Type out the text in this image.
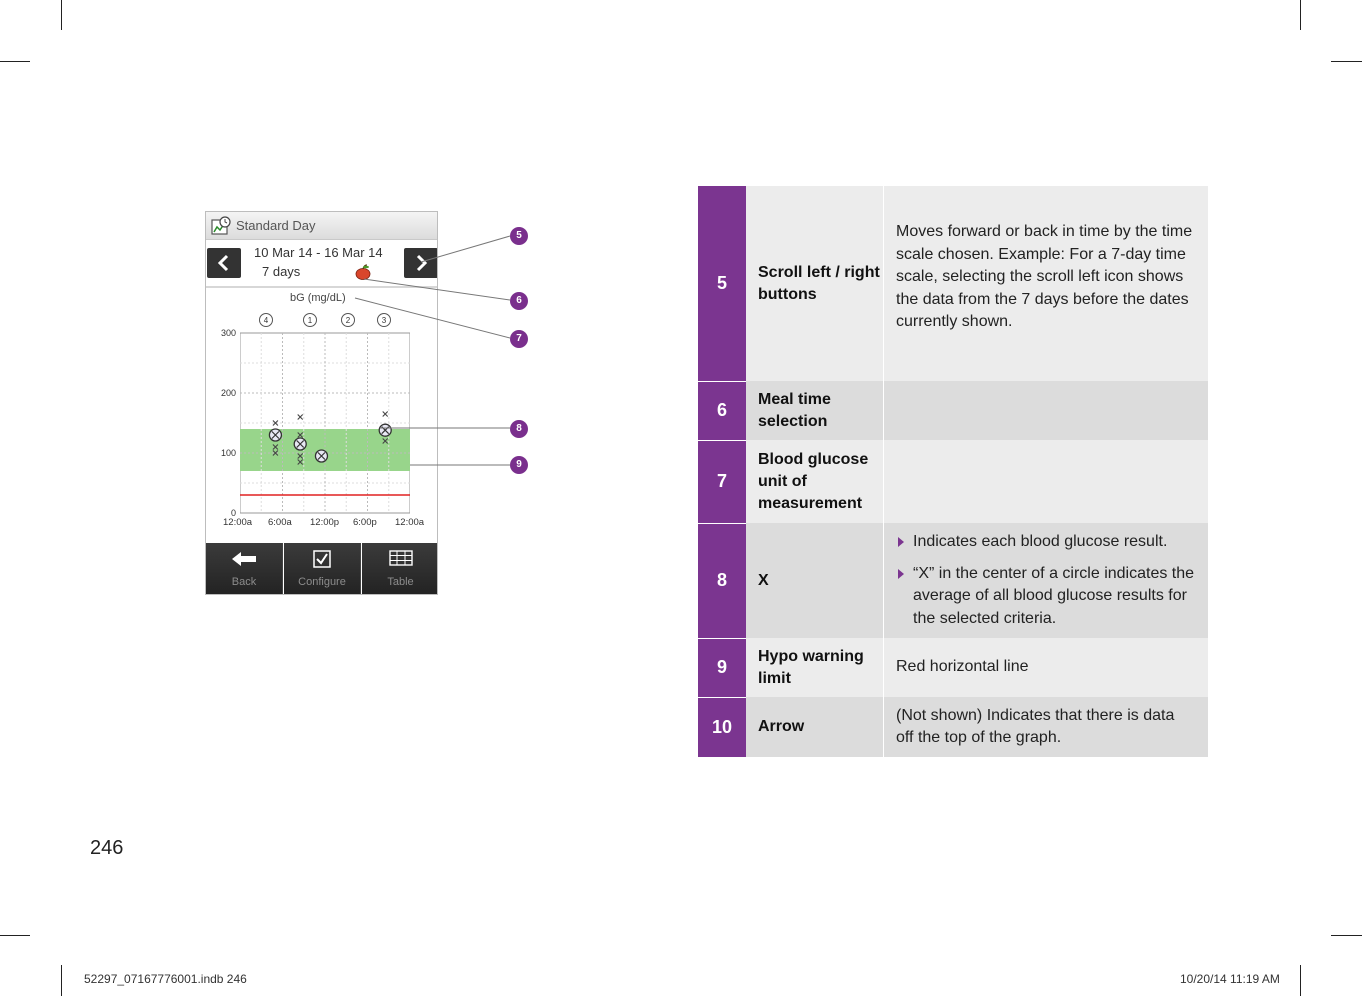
Standard Day
10 Mar 14 - 16 Mar 14
7 days
bG (mg/dL)
4	1	2	3
300
200
100
0
12:00a 6:00a 12:00p 6:00p 12:00a
Back	Configure	Table
5
6
7
8
9
5	Scroll left / right buttons	Moves forward or back in time by the time scale chosen. Example: For a 7-day time scale, selecting the scroll left icon shows the data from the 7 days before the dates currently shown.

6	Meal time selection	
7	Blood glucose unit of measurement	
8	X	Indicates each blood glucose result.

“X” in the center of a circle indicates the average of all blood glucose results for the selected criteria.

9	Hypo warning limit	Red horizontal line
10	Arrow	(Not shown) Indicates that there is data off the top of the graph.
246
52297_07167776001.indb 246	10/20/14 11:19 AM
